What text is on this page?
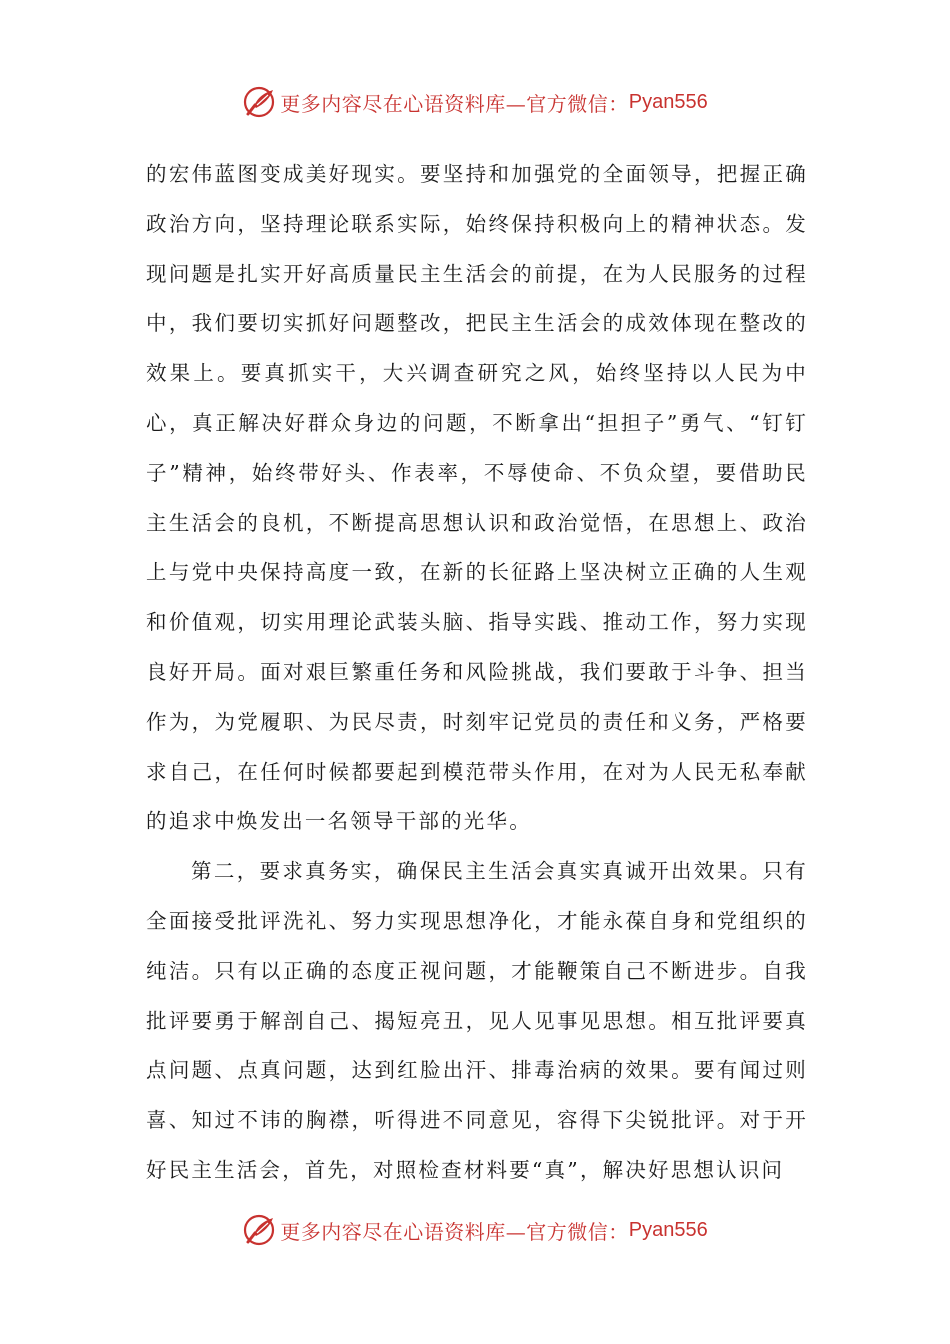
更多内容尽在心语资料库—官方微信： Pyan556

的宏伟蓝图变成美好现实。要坚持和加强党的全面领导，把握正确政治方向，坚持理论联系实际，始终保持积极向上的精神状态。发现问题是扎实开好高质量民主生活会的前提，在为人民服务的过程中，我们要切实抓好问题整改，把民主生活会的成效体现在整改的效果上。要真抓实干，大兴调查研究之风，始终坚持以人民为中心，真正解决好群众身边的问题，不断拿出“担担子”勇气、“钉钉子”精神，始终带好头、作表率，不辱使命、不负众望，要借助民主生活会的良机，不断提高思想认识和政治觉悟，在思想上、政治上与党中央保持高度一致，在新的长征路上坚决树立正确的人生观和价值观，切实用理论武装头脑、指导实践、推动工作，努力实现良好开局。面对艰巨繁重任务和风险挑战，我们要敢于斗争、担当作为，为党履职、为民尽责，时刻牢记党员的责任和义务，严格要求自己，在任何时候都要起到模范带头作用，在对为人民无私奉献的追求中焕发出一名领导干部的光华。

第二，要求真务实，确保民主生活会真实真诚开出效果。只有全面接受批评洗礼、努力实现思想净化，才能永葆自身和党组织的纯洁。只有以正确的态度正视问题，才能鞭策自己不断进步。自我批评要勇于解剖自己、揭短亮丑，见人见事见思想。相互批评要真点问题、点真问题，达到红脸出汗、排毒治病的效果。要有闻过则喜、知过不讳的胸襟，听得进不同意见，容得下尖锐批评。对于开好民主生活会，首先，对照检查材料要“真”，解决好思想认识问

更多内容尽在心语资料库—官方微信： Pyan556
